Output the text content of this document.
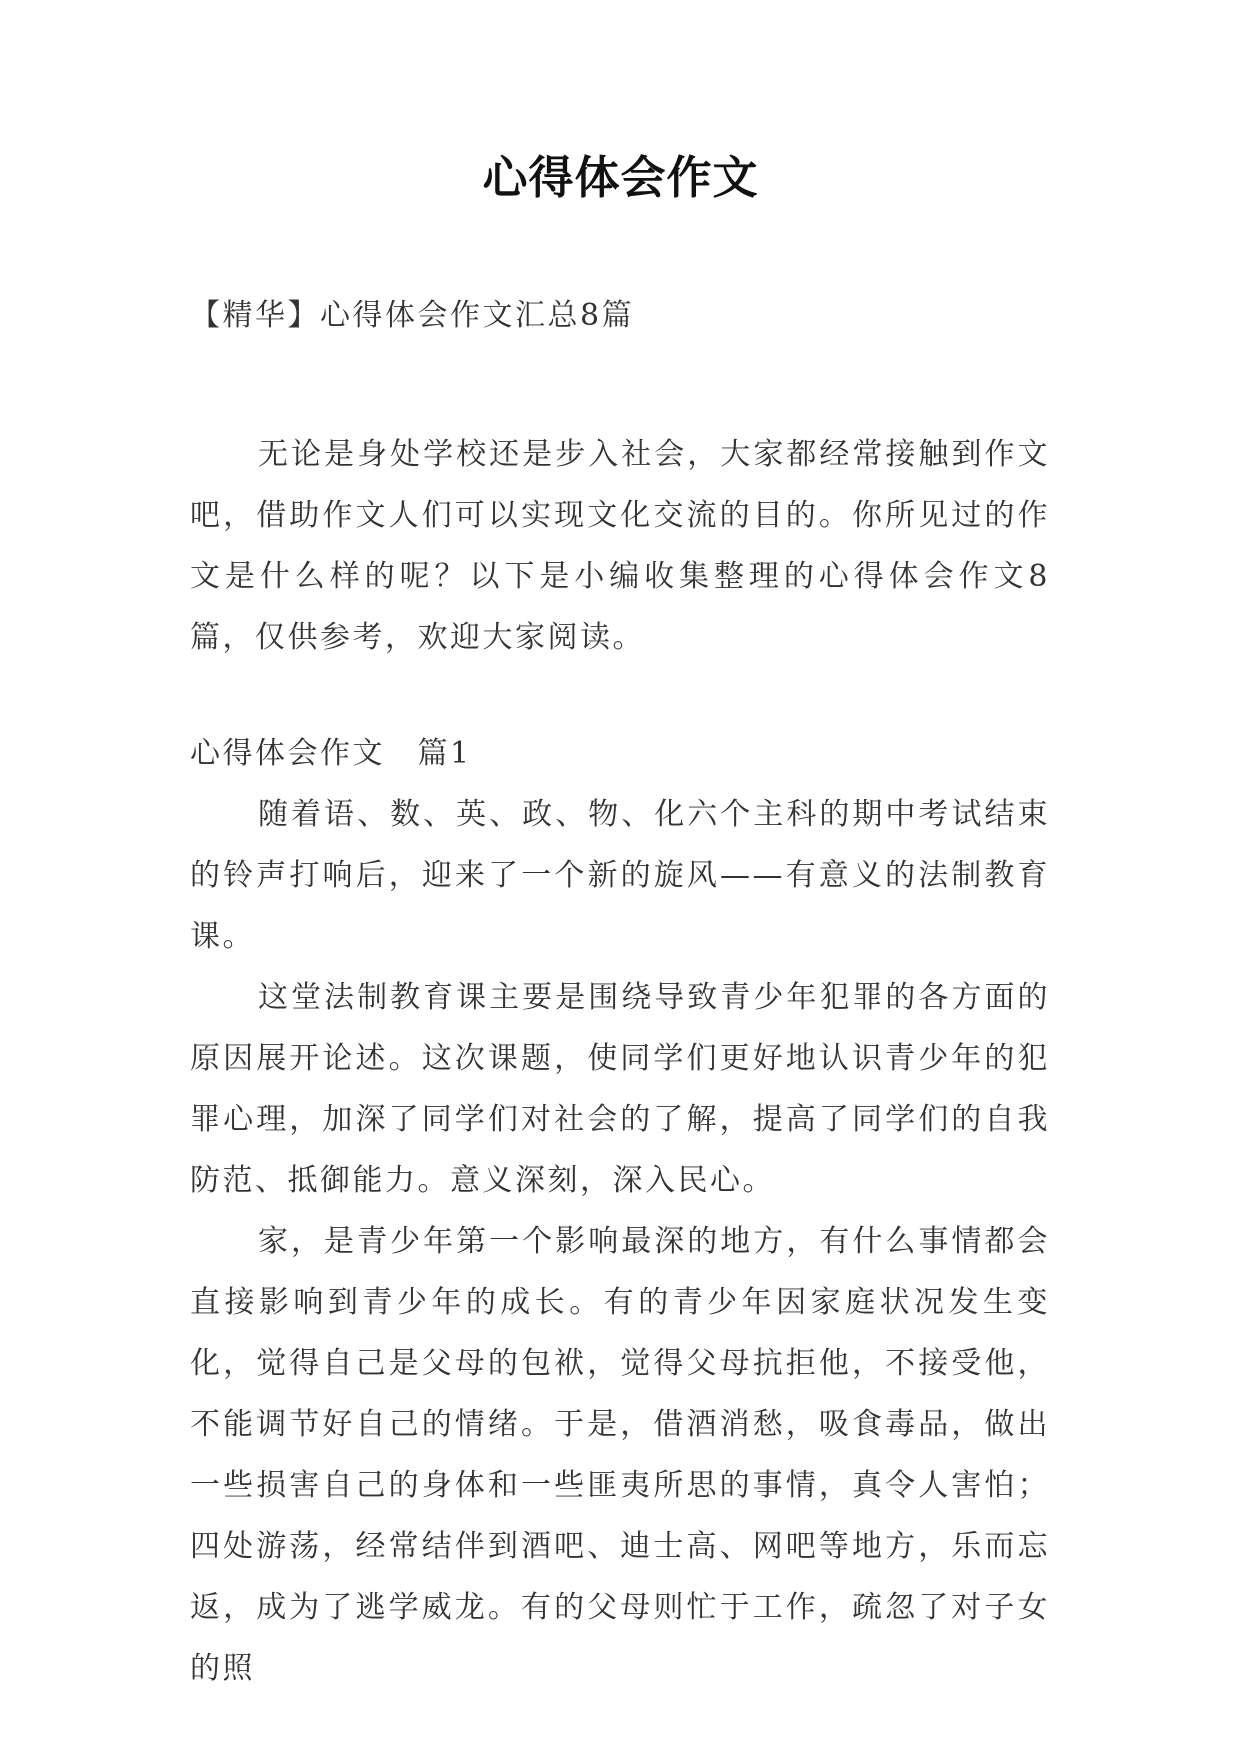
心得体会作文

【精华】心得体会作文汇总8篇

无论是身处学校还是步入社会，大家都经常接触到作文吧，借助作文人们可以实现文化交流的目的。你所见过的作文是什么样的呢？以下是小编收集整理的心得体会作文8篇，仅供参考，欢迎大家阅读。

心得体会作文　篇1

随着语、数、英、政、物、化六个主科的期中考试结束的铃声打响后，迎来了一个新的旋风——有意义的法制教育课。

这堂法制教育课主要是围绕导致青少年犯罪的各方面的原因展开论述。这次课题，使同学们更好地认识青少年的犯罪心理，加深了同学们对社会的了解，提高了同学们的自我防范、抵御能力。意义深刻，深入民心。

家，是青少年第一个影响最深的地方，有什么事情都会直接影响到青少年的成长。有的青少年因家庭状况发生变化，觉得自己是父母的包袱，觉得父母抗拒他，不接受他，不能调节好自己的情绪。于是，借酒消愁，吸食毒品，做出一些损害自己的身体和一些匪夷所思的事情，真令人害怕；四处游荡，经常结伴到酒吧、迪士高、网吧等地方，乐而忘返，成为了逃学威龙。有的父母则忙于工作，疏忽了对子女的照
